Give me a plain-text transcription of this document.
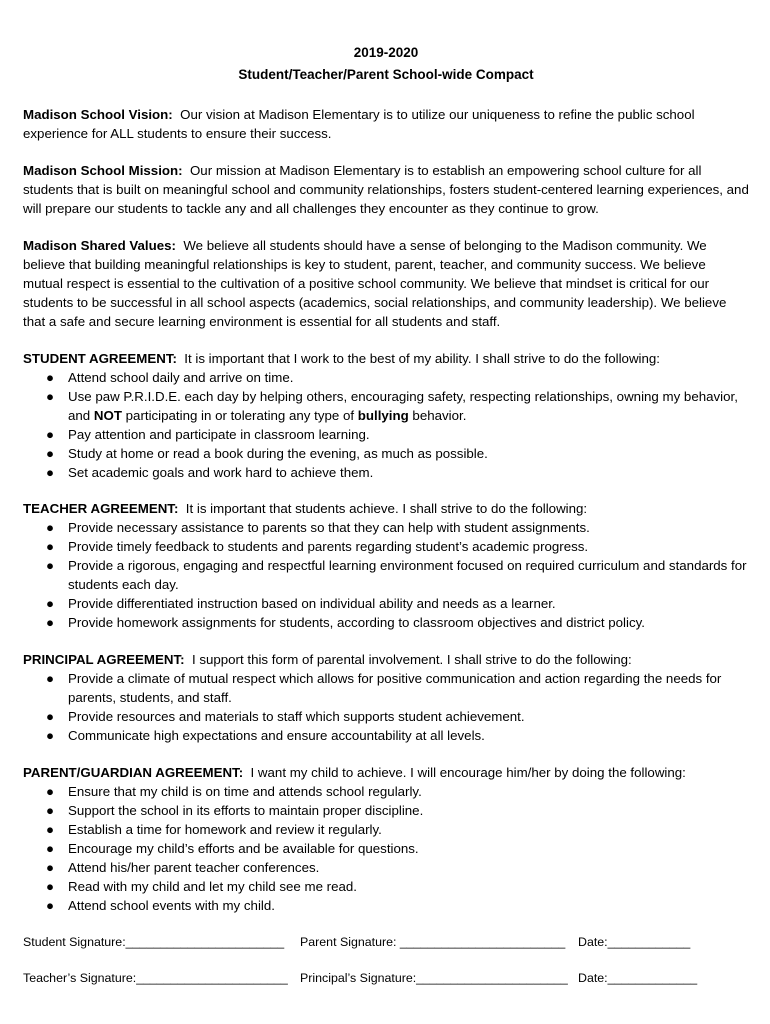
2019-2020
Student/Teacher/Parent School-wide Compact
Madison School Vision: Our vision at Madison Elementary is to utilize our uniqueness to refine the public school experience for ALL students to ensure their success.
Madison School Mission: Our mission at Madison Elementary is to establish an empowering school culture for all students that is built on meaningful school and community relationships, fosters student-centered learning experiences, and will prepare our students to tackle any and all challenges they encounter as they continue to grow.
Madison Shared Values: We believe all students should have a sense of belonging to the Madison community. We believe that building meaningful relationships is key to student, parent, teacher, and community success. We believe mutual respect is essential to the cultivation of a positive school community. We believe that mindset is critical for our students to be successful in all school aspects (academics, social relationships, and community leadership). We believe that a safe and secure learning environment is essential for all students and staff.
STUDENT AGREEMENT: It is important that I work to the best of my ability. I shall strive to do the following:
● Attend school daily and arrive on time.
● Use paw P.R.I.D.E. each day by helping others, encouraging safety, respecting relationships, owning my behavior, and NOT participating in or tolerating any type of bullying behavior.
● Pay attention and participate in classroom learning.
● Study at home or read a book during the evening, as much as possible.
● Set academic goals and work hard to achieve them.
TEACHER AGREEMENT: It is important that students achieve. I shall strive to do the following:
● Provide necessary assistance to parents so that they can help with student assignments.
● Provide timely feedback to students and parents regarding student’s academic progress.
● Provide a rigorous, engaging and respectful learning environment focused on required curriculum and standards for students each day.
● Provide differentiated instruction based on individual ability and needs as a learner.
● Provide homework assignments for students, according to classroom objectives and district policy.
PRINCIPAL AGREEMENT: I support this form of parental involvement. I shall strive to do the following:
● Provide a climate of mutual respect which allows for positive communication and action regarding the needs for parents, students, and staff.
● Provide resources and materials to staff which supports student achievement.
● Communicate high expectations and ensure accountability at all levels.
PARENT/GUARDIAN AGREEMENT: I want my child to achieve. I will encourage him/her by doing the following:
● Ensure that my child is on time and attends school regularly.
● Support the school in its efforts to maintain proper discipline.
● Establish a time for homework and review it regularly.
● Encourage my child’s efforts and be available for questions.
● Attend his/her parent teacher conferences.
● Read with my child and let my child see me read.
● Attend school events with my child.
Student Signature:_______________________ Parent Signature: ________________________ Date:____________
Teacher’s Signature:______________________ Principal’s Signature:______________________ Date:_____________
